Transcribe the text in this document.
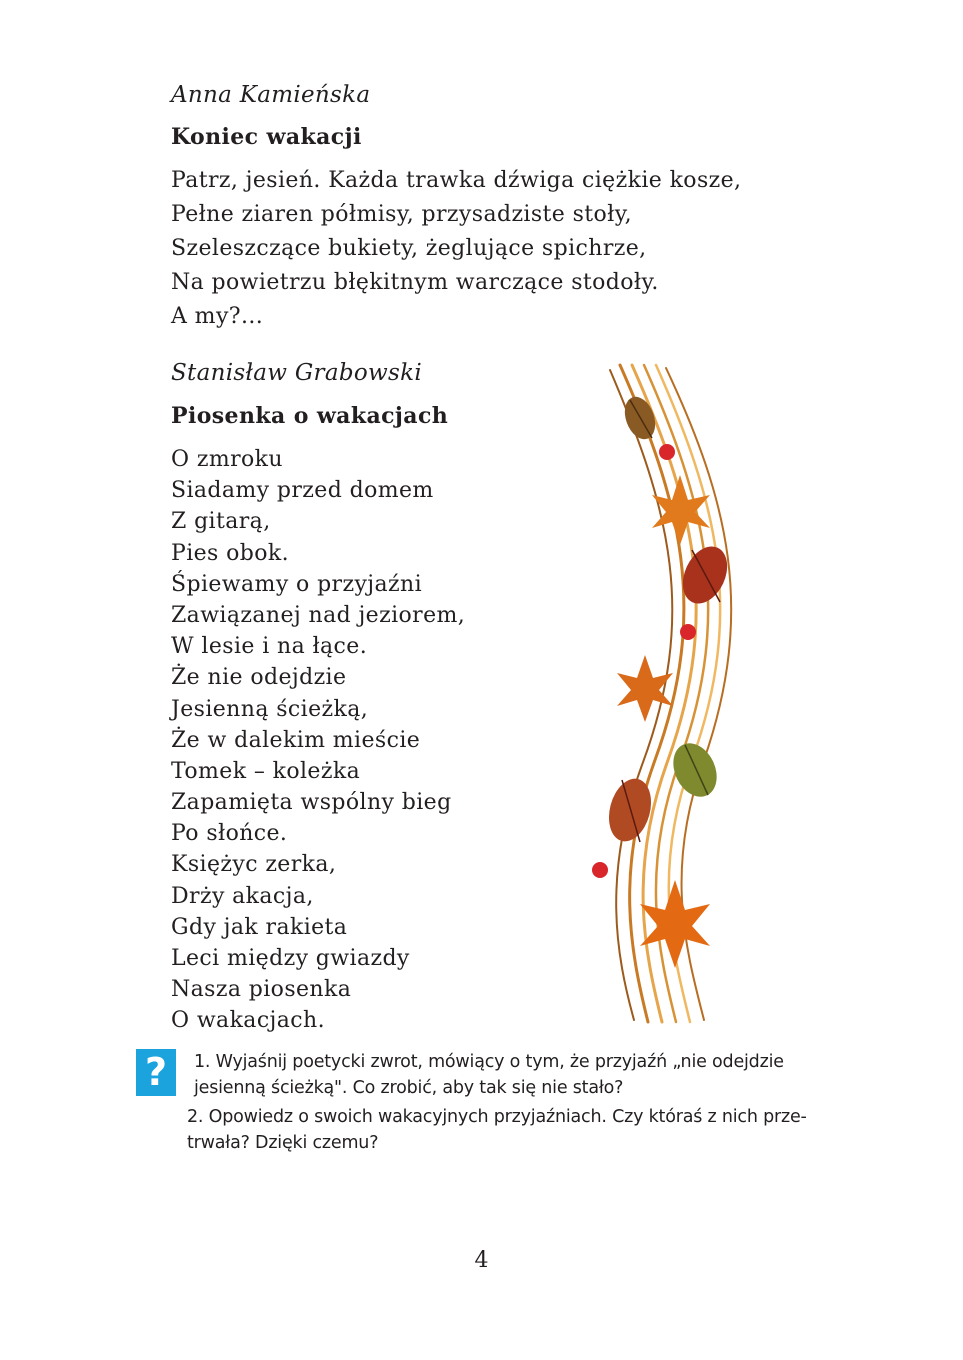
Anna Kamieńska
Koniec wakacji
Patrz, jesień. Każda trawka dźwiga ciężkie kosze,
Pełne ziaren półmisy, przysadziste stoły,
Szeleszczące bukiety, żeglujące spichrze,
Na powietrzu błękitnym warczące stodoły.
A my?...
Stanisław Grabowski
Piosenka o wakacjach
O zmroku
Siadamy przed domem
Z gitarą,
Pies obok.
Śpiewamy o przyjaźni
Zawiązanej nad jeziorem,
W lesie i na łące.
Że nie odejdzie
Jesienną ścieżką,
Że w dalekim mieście
Tomek – koleżka
Zapamięta wspólny bieg
Po słońce.
Księżyc zerka,
Drży akacja,
Gdy jak rakieta
Leci między gwiazdy
Nasza piosenka
O wakacjach.
?	1. Wyjaśnij poetycki zwrot, mówiący o tym, że przyjaźń „nie odejdzie
jesienną ścieżką". Co zrobić, aby tak się nie stało?
2. Opowiedz o swoich wakacyjnych przyjaźniach. Czy któraś z nich prze-
trwała? Dzięki czemu?
4
